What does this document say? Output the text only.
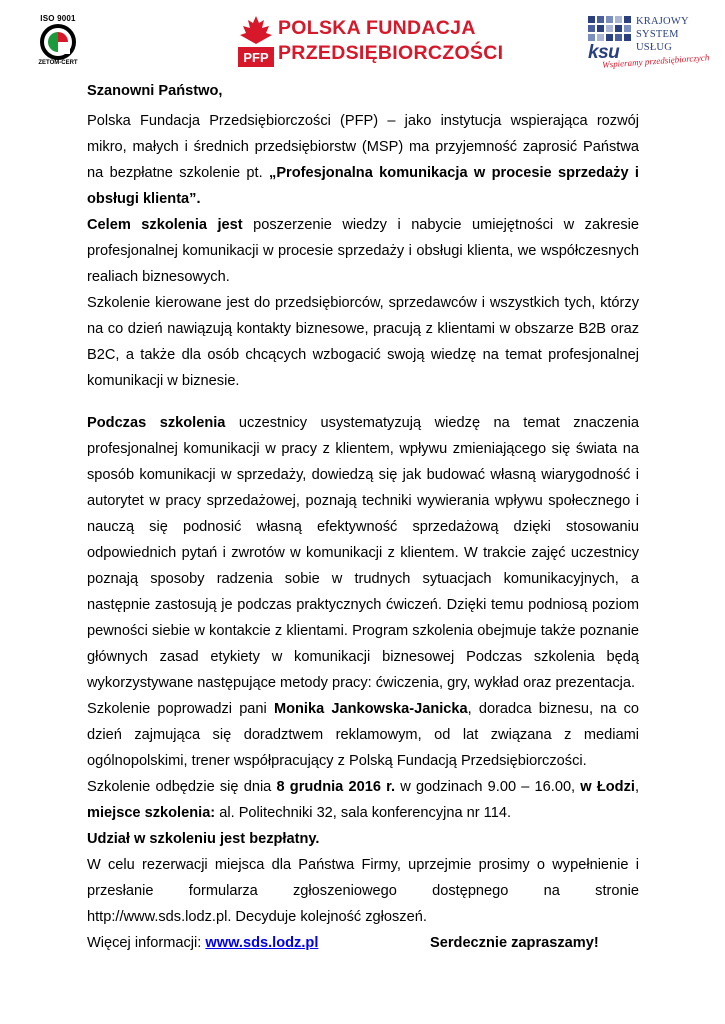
ISO 9001
ZETOM-CERT	PFP
POLSKA FUNDACJA
PRZEDSIĘBIORCZOŚCI	ksu
KRAJOWY
SYSTEM
USŁUG
Wspieramy przedsiębiorczych

Szanowni Państwo,

Polska Fundacja Przedsiębiorczości (PFP) – jako instytucja wspierająca rozwój mikro, małych i średnich przedsiębiorstw (MSP) ma przyjemność zaprosić Państwa na bezpłatne szkolenie pt. „Profesjonalna komunikacja w procesie sprzedaży i obsługi klienta”.

Celem szkolenia jest poszerzenie wiedzy i nabycie umiejętności w zakresie profesjonalnej komunikacji w procesie sprzedaży i obsługi klienta, we współczesnych realiach biznesowych.

Szkolenie kierowane jest do przedsiębiorców, sprzedawców i wszystkich tych, którzy na co dzień nawiązują kontakty biznesowe, pracują z klientami w obszarze B2B oraz B2C, a także dla osób chcących wzbogacić swoją wiedzę na temat profesjonalnej komunikacji w biznesie.

Podczas szkolenia uczestnicy usystematyzują wiedzę na temat znaczenia profesjonalnej komunikacji w pracy z klientem, wpływu zmieniającego się świata na sposób komunikacji w sprzedaży, dowiedzą się jak budować własną wiarygodność i autorytet w pracy sprzedażowej, poznają techniki wywierania wpływu społecznego i nauczą się podnosić własną efektywność sprzedażową dzięki stosowaniu odpowiednich pytań i zwrotów w komunikacji z klientem. W trakcie zajęć uczestnicy poznają sposoby radzenia sobie w trudnych sytuacjach komunikacyjnych, a następnie zastosują je podczas praktycznych ćwiczeń. Dzięki temu podniosą poziom pewności siebie w kontakcie z klientami. Program szkolenia obejmuje także poznanie głównych zasad etykiety w komunikacji biznesowej Podczas szkolenia będą wykorzystywane następujące metody pracy: ćwiczenia, gry, wykład oraz prezentacja.

Szkolenie poprowadzi pani Monika Jankowska-Janicka, doradca biznesu, na co dzień zajmująca się doradztwem reklamowym, od lat związana z mediami ogólnopolskimi, trener współpracujący z Polską Fundacją Przedsiębiorczości.

Szkolenie odbędzie się dnia 8 grudnia 2016 r. w godzinach 9.00 – 16.00, w Łodzi, miejsce szkolenia: al. Politechniki 32, sala konferencyjna nr 114.

Udział w szkoleniu jest bezpłatny.

W celu rezerwacji miejsca dla Państwa Firmy, uprzejmie prosimy o wypełnienie i przesłanie formularza zgłoszeniowego dostępnego na stronie

http://www.sds.lodz.pl. Decyduje kolejność zgłoszeń.

Więcej informacji: www.sds.lodz.pl	Serdecznie zapraszamy!
